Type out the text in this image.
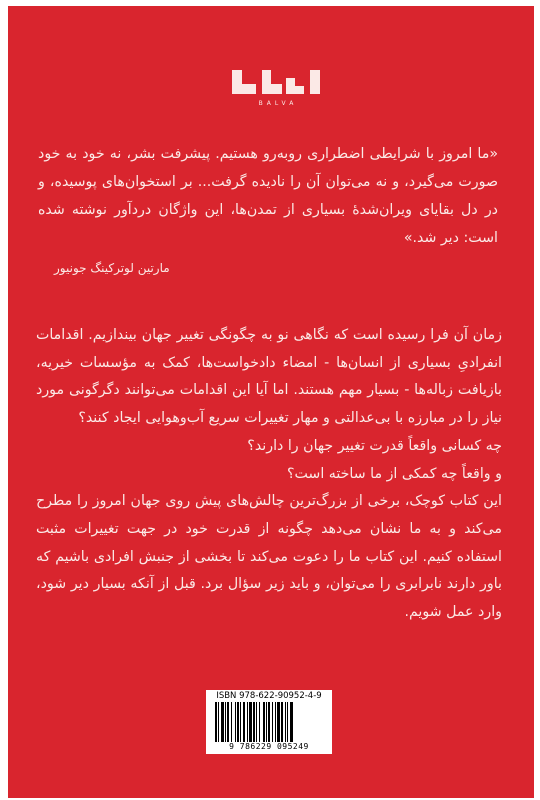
BALVA
«ما امروز با شرایطی اضطراری روبه‌رو هستیم. پیشرفت بشر، نه خود به خود صورت می‌گیرد، و نه می‌توان آن را نادیده گرفت... بر استخوان‌های پوسیده، و در دل بقایای ویران‌شدهٔ بسیاری از تمدن‌ها، این واژگان دردآور نوشته شده است: دیر شد.»
مارتین لوترکینگ جونیور

زمان آن فرا رسیده است که نگاهی نو به چگونگی تغییر جهان بیندازیم. اقدامات انفرادیِ بسیاری از انسان‌ها - امضاء دادخواست‌ها، کمک به مؤسسات خیریه، بازیافت زباله‌ها - بسیار مهم هستند. اما آیا این اقدامات می‌توانند دگرگونی مورد نیاز را در مبارزه با بی‌عدالتی و مهار تغییرات سریع آب‌وهوایی ایجاد کنند؟

چه کسانی واقعاً قدرت تغییر جهان را دارند؟

و واقعاً چه کمکی از ما ساخته است؟

این کتاب کوچک، برخی از بزرگ‌ترین چالش‌های پیش روی جهان امروز را مطرح می‌کند و به ما نشان می‌دهد چگونه از قدرت خود در جهت تغییرات مثبت استفاده کنیم. این کتاب ما را دعوت می‌کند تا بخشی از جنبش افرادی باشیم که باور دارند نابرابری را می‌توان، و باید زیر سؤال برد. قبل از آنکه بسیار دیر شود، وارد عمل شویم.

ISBN 978-622-90952-4-9
9 786229 095249
